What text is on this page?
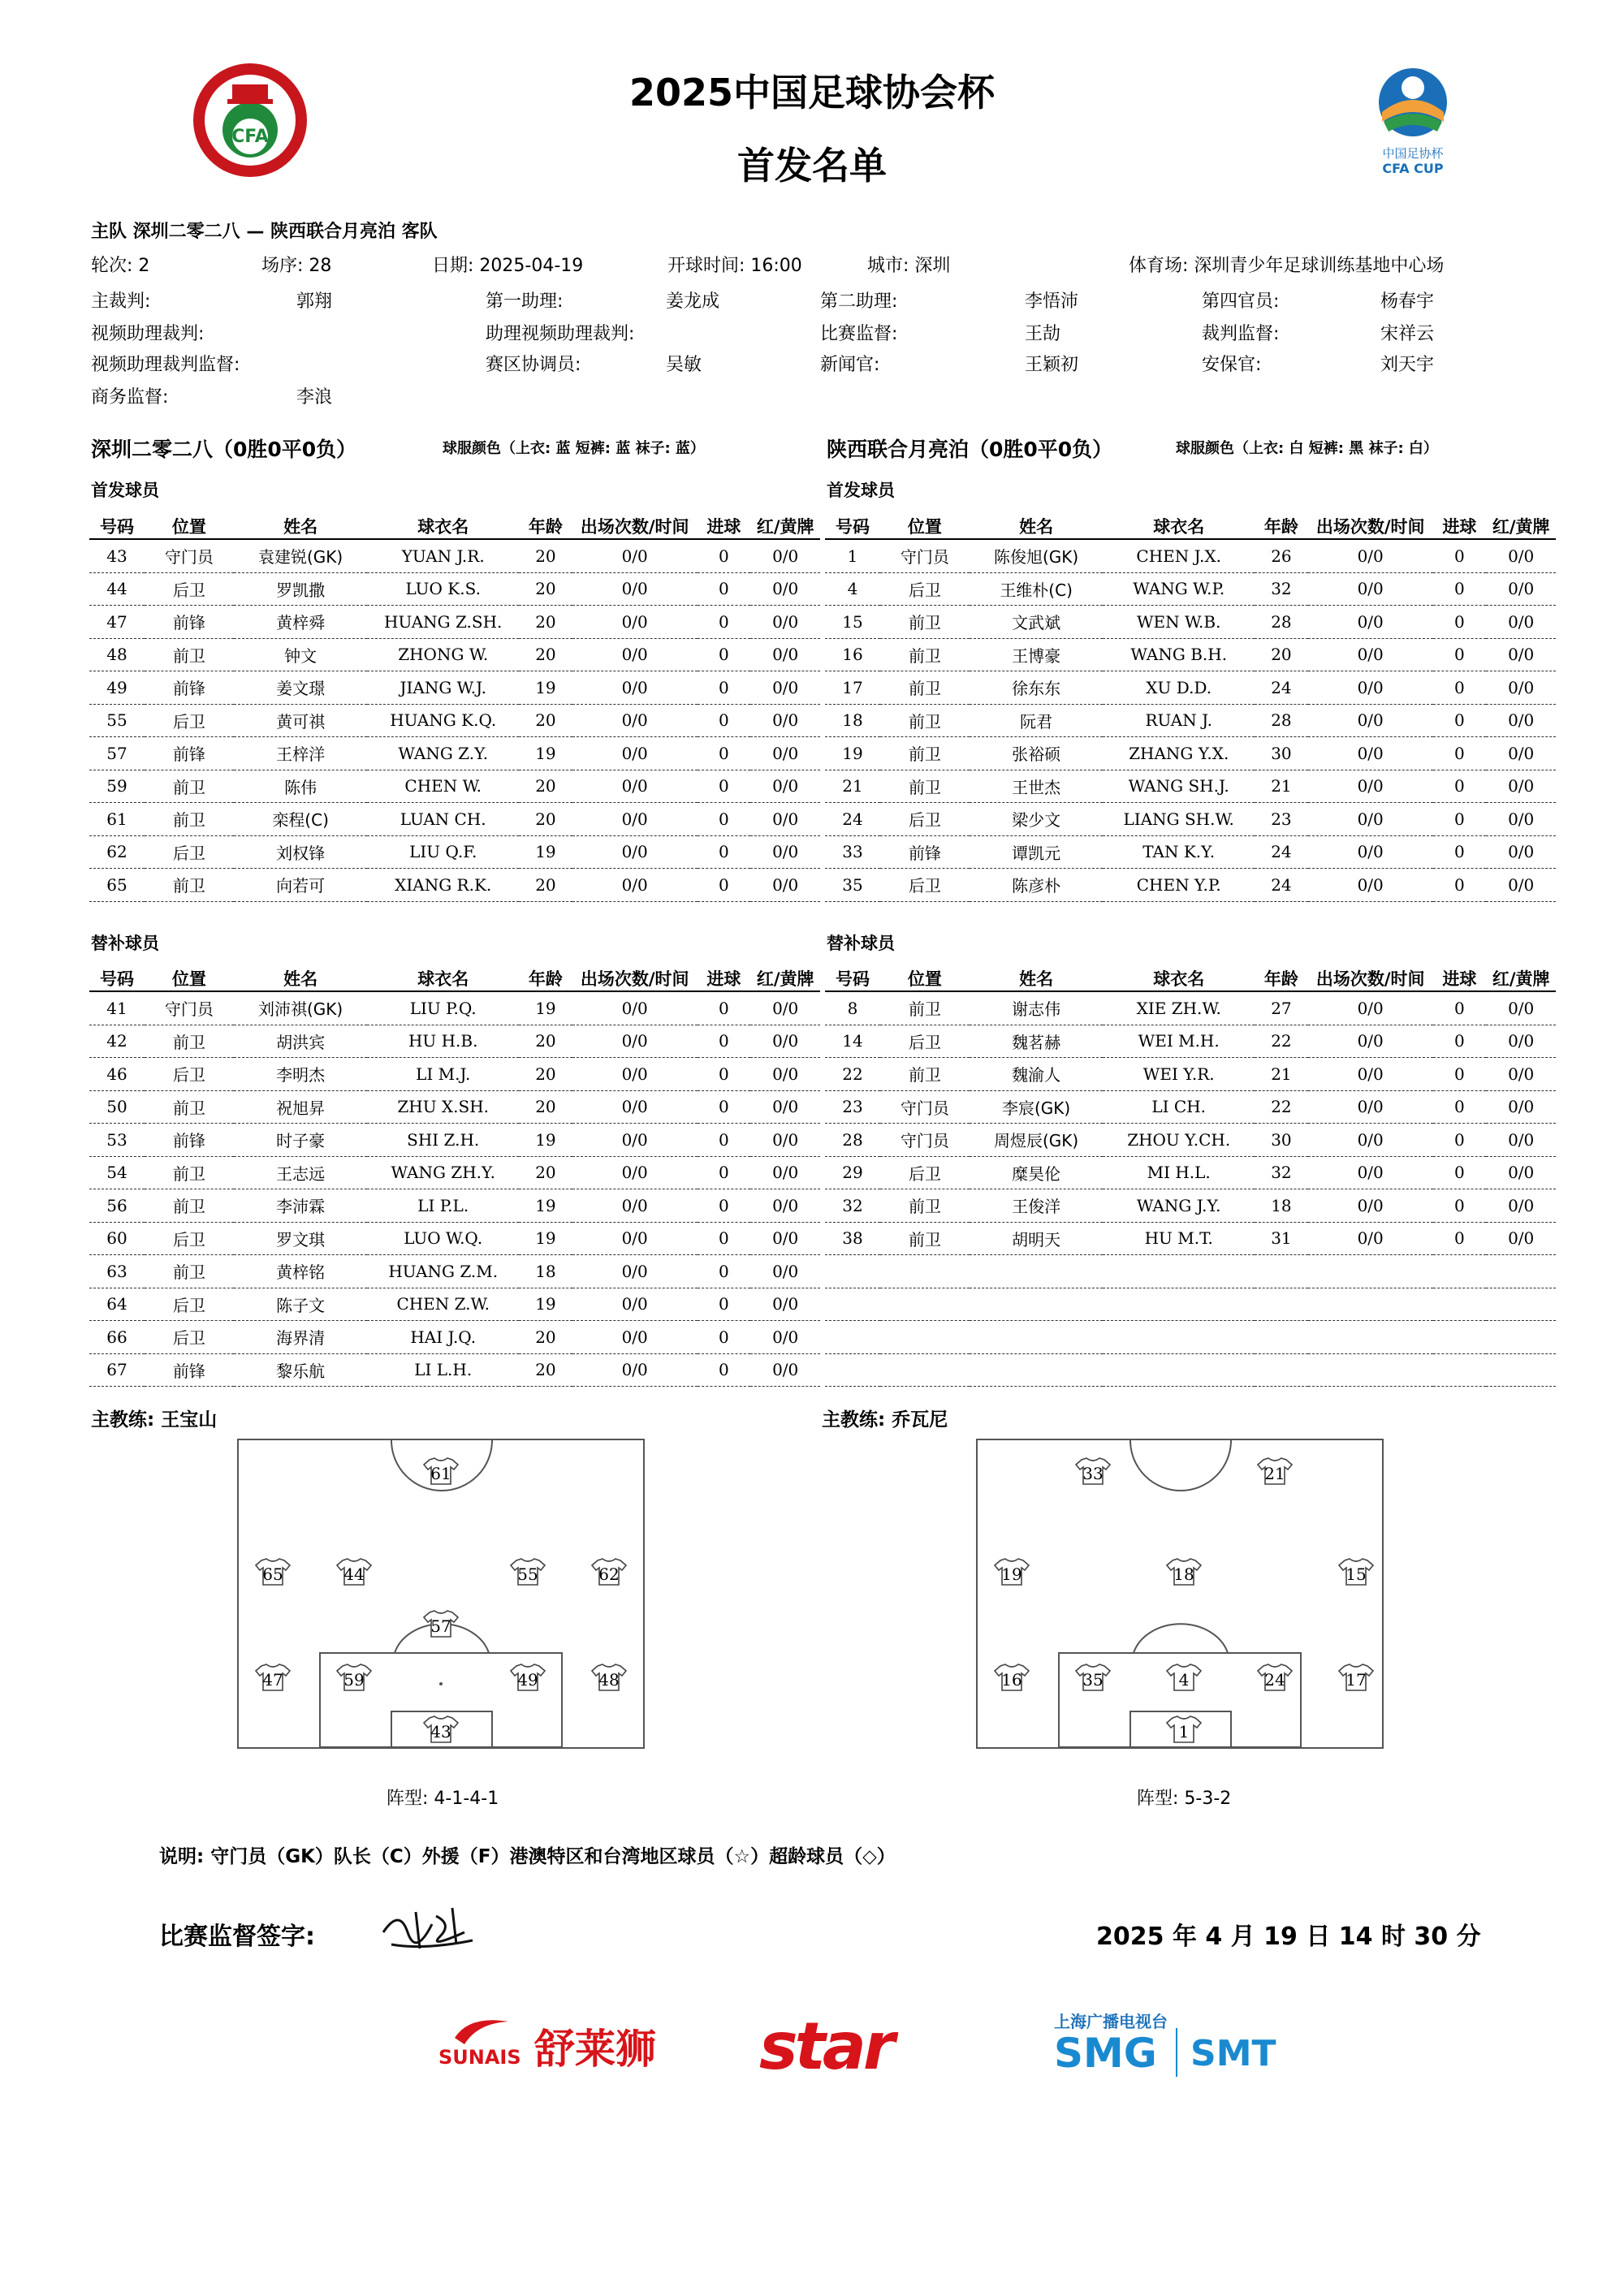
CFA
2025中国足球协会杯
首发名单	中国足协杯
CFA CUP
主队 深圳二零二八 — 陕西联合月亮泊 客队
轮次: 2	场序: 28	日期: 2025-04-19	开球时间: 16:00	城市: 深圳	体育场: 深圳青少年足球训练基地中心场
主裁判:	郭翔	第一助理:	姜龙成	第二助理:	李悟沛	第四官员:	杨春宇
视频助理裁判:	助理视频助理裁判:	比赛监督:	王劼	裁判监督:	宋祥云
视频助理裁判监督:	赛区协调员:	吴敏	新闻官:	王颖初	安保官:	刘天宇
商务监督:	李浪
深圳二零二八（0胜0平0负）	球服颜色（上衣: 蓝 短裤: 蓝 袜子: 蓝）	陕西联合月亮泊（0胜0平0负）	球服颜色（上衣: 白 短裤: 黑 袜子: 白）
首发球员	首发球员
号码	位置	姓名	球衣名	年龄	出场次数/时间	进球	红/黄牌
43	守门员	袁建锐(GK)	YUAN J.R.	20	0/0	0	0/0
44	后卫	罗凯撒	LUO K.S.	20	0/0	0	0/0
47	前锋	黄梓舜	HUANG Z.SH.	20	0/0	0	0/0
48	前卫	钟文	ZHONG W.	20	0/0	0	0/0
49	前锋	姜文璟	JIANG W.J.	19	0/0	0	0/0
55	后卫	黄可祺	HUANG K.Q.	20	0/0	0	0/0
57	前锋	王梓洋	WANG Z.Y.	19	0/0	0	0/0
59	前卫	陈伟	CHEN W.	20	0/0	0	0/0
61	前卫	栾程(C)	LUAN CH.	20	0/0	0	0/0
62	后卫	刘权锋	LIU Q.F.	19	0/0	0	0/0
65	前卫	向若可	XIANG R.K.	20	0/0	0	0/0
号码	位置	姓名	球衣名	年龄	出场次数/时间	进球	红/黄牌
1	守门员	陈俊旭(GK)	CHEN J.X.	26	0/0	0	0/0
4	后卫	王维朴(C)	WANG W.P.	32	0/0	0	0/0
15	前卫	文武斌	WEN W.B.	28	0/0	0	0/0
16	前卫	王博豪	WANG B.H.	20	0/0	0	0/0
17	前卫	徐东东	XU D.D.	24	0/0	0	0/0
18	前卫	阮君	RUAN J.	28	0/0	0	0/0
19	前卫	张裕硕	ZHANG Y.X.	30	0/0	0	0/0
21	前卫	王世杰	WANG SH.J.	21	0/0	0	0/0
24	后卫	梁少文	LIANG SH.W.	23	0/0	0	0/0
33	前锋	谭凯元	TAN K.Y.	24	0/0	0	0/0
35	后卫	陈彦朴	CHEN Y.P.	24	0/0	0	0/0
替补球员	替补球员
号码	位置	姓名	球衣名	年龄	出场次数/时间	进球	红/黄牌
41	守门员	刘沛祺(GK)	LIU P.Q.	19	0/0	0	0/0
42	前卫	胡洪宾	HU H.B.	20	0/0	0	0/0
46	后卫	李明杰	LI M.J.	20	0/0	0	0/0
50	前卫	祝旭昇	ZHU X.SH.	20	0/0	0	0/0
53	前锋	时子豪	SHI Z.H.	19	0/0	0	0/0
54	前卫	王志远	WANG ZH.Y.	20	0/0	0	0/0
56	前卫	李沛霖	LI P.L.	19	0/0	0	0/0
60	后卫	罗文琪	LUO W.Q.	19	0/0	0	0/0
63	前卫	黄梓铭	HUANG Z.M.	18	0/0	0	0/0
64	后卫	陈子文	CHEN Z.W.	19	0/0	0	0/0
66	后卫	海界清	HAI J.Q.	20	0/0	0	0/0
67	前锋	黎乐航	LI L.H.	20	0/0	0	0/0
号码	位置	姓名	球衣名	年龄	出场次数/时间	进球	红/黄牌
8	前卫	谢志伟	XIE ZH.W.	27	0/0	0	0/0
14	后卫	魏茗赫	WEI M.H.	22	0/0	0	0/0
22	前卫	魏渝人	WEI Y.R.	21	0/0	0	0/0
23	守门员	李宸(GK)	LI CH.	22	0/0	0	0/0
28	守门员	周煜辰(GK)	ZHOU Y.CH.	30	0/0	0	0/0
29	后卫	糜昊伦	MI H.L.	32	0/0	0	0/0
32	前卫	王俊洋	WANG J.Y.	18	0/0	0	0/0
38	前卫	胡明天	HU M.T.	31	0/0	0	0/0

主教练: 王宝山	主教练: 乔瓦尼
61
65	44	55	62
57
47	59	49	48
43
33	21
19	18	15
16	35	4	24	17
1
阵型: 4-1-4-1	阵型: 5-3-2
说明: 守门员（GK）队长（C）外援（F）港澳特区和台湾地区球员（☆）超龄球员（◇）
比赛监督签字:	2025 年 4 月 19 日 14 时 30 分
SUNAIS 舒莱狮 star	上海广播电视台
SMG SMT
